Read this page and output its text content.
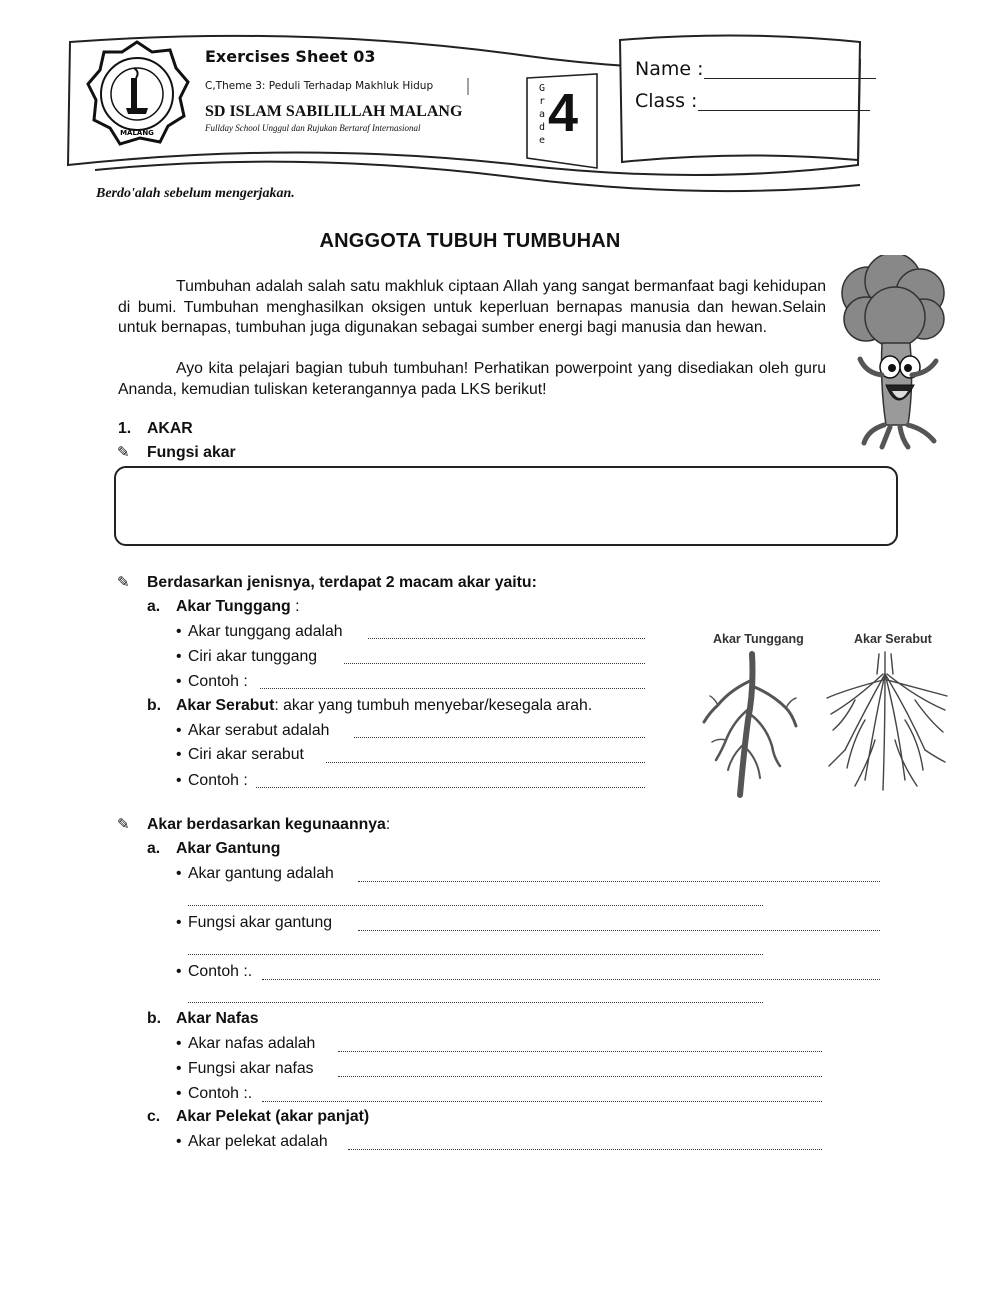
MALANG
Exercises Sheet 03
C,Theme 3: Peduli Terhadap Makhluk Hidup
SD ISLAM SABILILLAH MALANG
Fullday School Unggul dan Rujukan Bertaraf Internasional
G
r
a
d
e 4
Name :
Class :
Berdo'alah sebelum mengerjakan.
ANGGOTA TUBUH TUMBUHAN
Tumbuhan adalah salah satu makhluk ciptaan Allah yang sangat bermanfaat bagi kehidupan di bumi. Tumbuhan menghasilkan oksigen untuk keperluan bernapas manusia dan hewan.Selain untuk bernapas, tumbuhan juga digunakan sebagai sumber energi bagi manusia dan hewan.
Ayo kita pelajari bagian tubuh tumbuhan! Perhatikan powerpoint yang disediakan oleh guru Ananda, kemudian tuliskan keterangannya pada LKS berikut!
1. AKAR
✎ Fungsi akar
✎ Berdasarkan jenisnya, terdapat 2 macam akar yaitu:
a. Akar Tunggang :
• Akar tunggang adalah
• Ciri akar tunggang
• Contoh :
b. Akar Serabut: akar yang tumbuh menyebar/kesegala arah.
• Akar serabut adalah
• Ciri akar serabut
• Contoh :
Akar Tunggang	Akar Serabut
✎ Akar berdasarkan kegunaannya:
a. Akar Gantung
• Akar gantung adalah
• Fungsi akar gantung
• Contoh :.
b. Akar Nafas
• Akar nafas adalah
• Fungsi akar nafas
• Contoh :.
c. Akar Pelekat (akar panjat)
• Akar pelekat adalah
